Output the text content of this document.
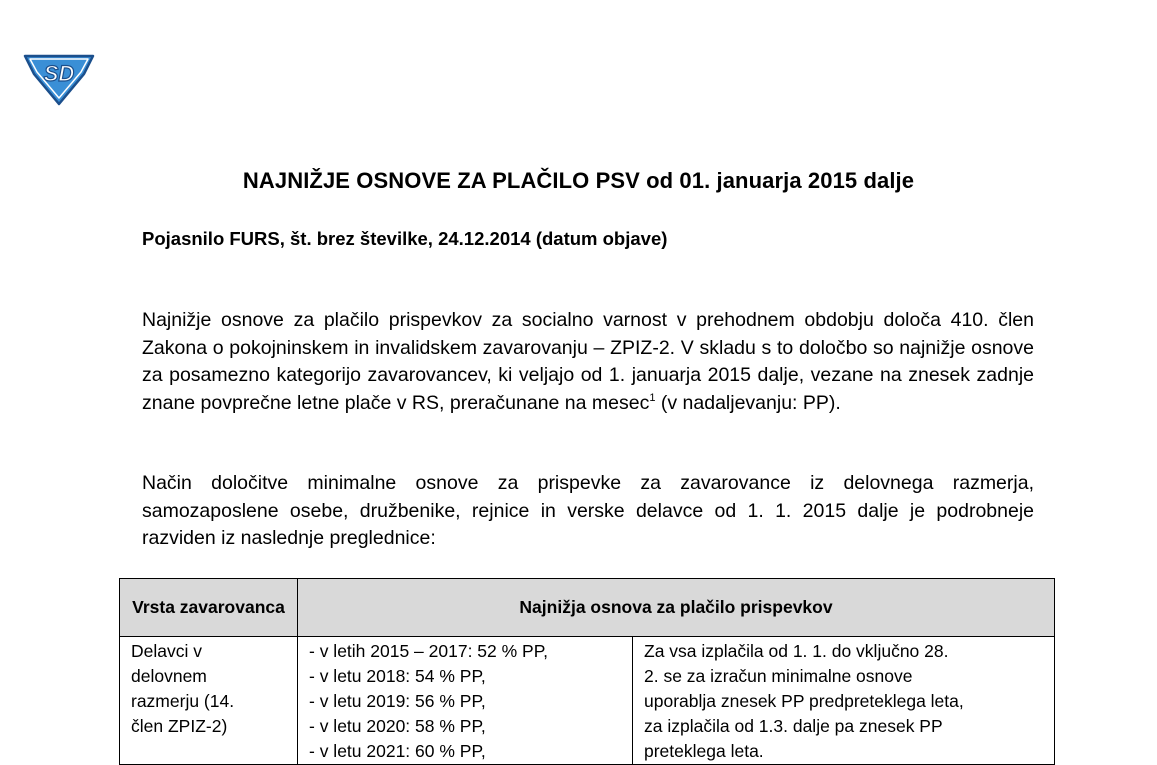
SD
NAJNIŽJE OSNOVE ZA PLAČILO PSV od 01. januarja 2015 dalje
Pojasnilo FURS, št. brez številke, 24.12.2014 (datum objave)
Najnižje osnove za plačilo prispevkov za socialno varnost v prehodnem obdobju določa 410. člen Zakona o pokojninskem in invalidskem zavarovanju – ZPIZ-2. V skladu s to določbo so najnižje osnove za posamezno kategorijo zavarovancev, ki veljajo od 1. januarja 2015 dalje, vezane na znesek zadnje znane povprečne letne plače v RS, preračunane na mesec$^1$ (v nadaljevanju: PP).
Način določitve minimalne osnove za prispevke za zavarovance iz delovnega razmerja, samozaposlene osebe, družbenike, rejnice in verske delavce od 1. 1. 2015 dalje je podrobneje razviden iz naslednje preglednice:
Vrsta zavarovanca	Najnižja osnova za plačilo prispevkov	

Delavci v
delovnem
razmerju (14.
člen ZPIZ-2)	- v letih 2015 – 2017: 52 % PP,
- v letu 2018: 54 % PP,
- v letu 2019: 56 % PP,
- v letu 2020: 58 % PP,
- v letu 2021: 60 % PP,	Za vsa izplačila od 1. 1. do vključno 28.
2. se za izračun minimalne osnove
uporablja znesek PP predpreteklega leta,
za izplačila od 1.3. dalje pa znesek PP
preteklega leta.
